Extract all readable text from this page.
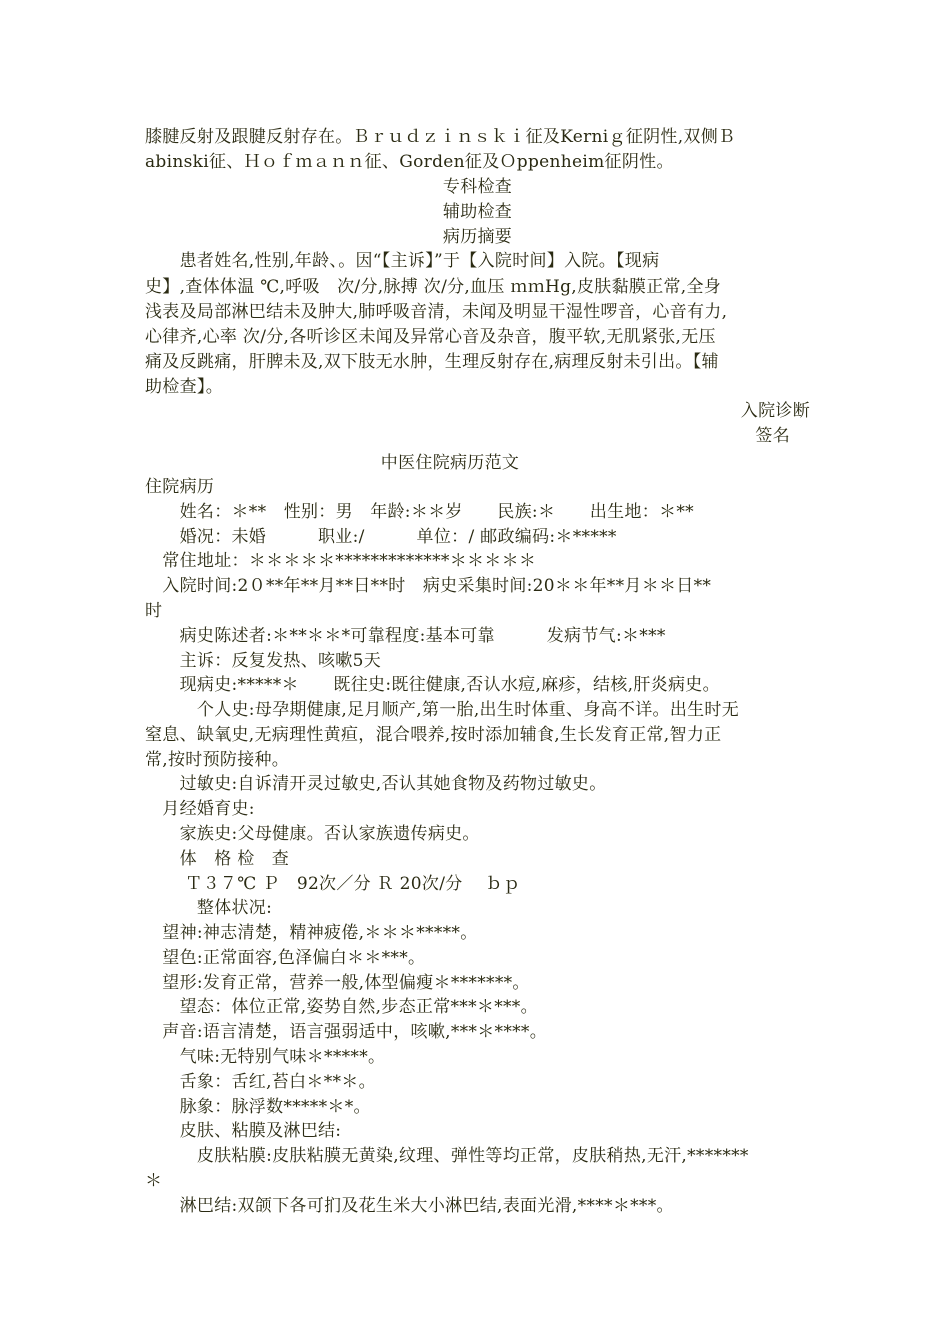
膝腱反射及跟腱反射存在。Ｂｒｕｄｚｉｎｓｋｉ征及Kerniｇ征阴性,双侧Ｂ
abinski征、Ｈｏｆｍａｎｎ征、Gorden征及Ｏppenheim征阴性。
专科检查
辅助检查
病历摘要
　　患者姓名,性别,年龄、。因“【主诉】”于【入院时间】入院。【现病
史】,查体体温 ℃,呼吸　次/分,脉搏 次/分,血压 ｍｍHg,皮肤黏膜正常,全身
浅表及局部淋巴结未及肿大,肺呼吸音清，未闻及明显干湿性啰音，心音有力,
心律齐,心率 次/分,各听诊区未闻及异常心音及杂音，腹平软,无肌紧张,无压
痛及反跳痛，肝脾未及,双下肢无水肿，生理反射存在,病理反射未引出。【辅
助检查】。
入院诊断
签名
中医住院病历范文
住院病历
　　姓名：＊**　性别：男　年龄:＊＊岁　　民族:＊　　出生地：＊**
　　婚况：未婚　　　职业:/　　　单位：/ 邮政编码:＊*****
　常住地址：＊＊＊＊＊*************＊＊＊＊＊
　入院时间:2０**年**月**日**时　病史采集时间:20＊＊年**月＊＊日**
时
　　病史陈述者:＊**＊＊*可靠程度:基本可靠　　　发病节气:＊***
　　主诉：反复发热、咳嗽5天
　　现病史:*****＊　　既往史:既往健康,否认水痘,麻疹，结核,肝炎病史。
　　　个人史:母孕期健康,足月顺产,第一胎,出生时体重、身高不详。出生时无
窒息、缺氧史,无病理性黄疸，混合喂养,按时添加辅食,生长发育正常,智力正
常,按时预防接种。
　　过敏史:自诉清开灵过敏史,否认其她食物及药物过敏史。
　月经婚育史:
　　家族史:父母健康。否认家族遗传病史。
　　体　格 检　查
　　 Ｔ３７℃ Ｐ　92次／分 Ｒ 20次/分　 ｂｐ
　　　整体状况:
　望神:神志清楚，精神疲倦,＊＊＊*****。
　望色:正常面容,色泽偏白＊＊***。
　望形:发育正常，营养一般,体型偏瘦＊*******。
　　望态：体位正常,姿势自然,步态正常***＊***。
　声音:语言清楚，语言强弱适中，咳嗽,***＊****。
　　气味:无特别气味＊*****。
　　舌象：舌红,苔白＊**＊。
　　脉象：脉浮数*****＊*。
　　皮肤、粘膜及淋巴结:
　　　皮肤粘膜:皮肤粘膜无黄染,纹理、弹性等均正常，皮肤稍热,无汗,*******
＊
　　淋巴结:双颌下各可扪及花生米大小淋巴结,表面光滑,****＊***。
